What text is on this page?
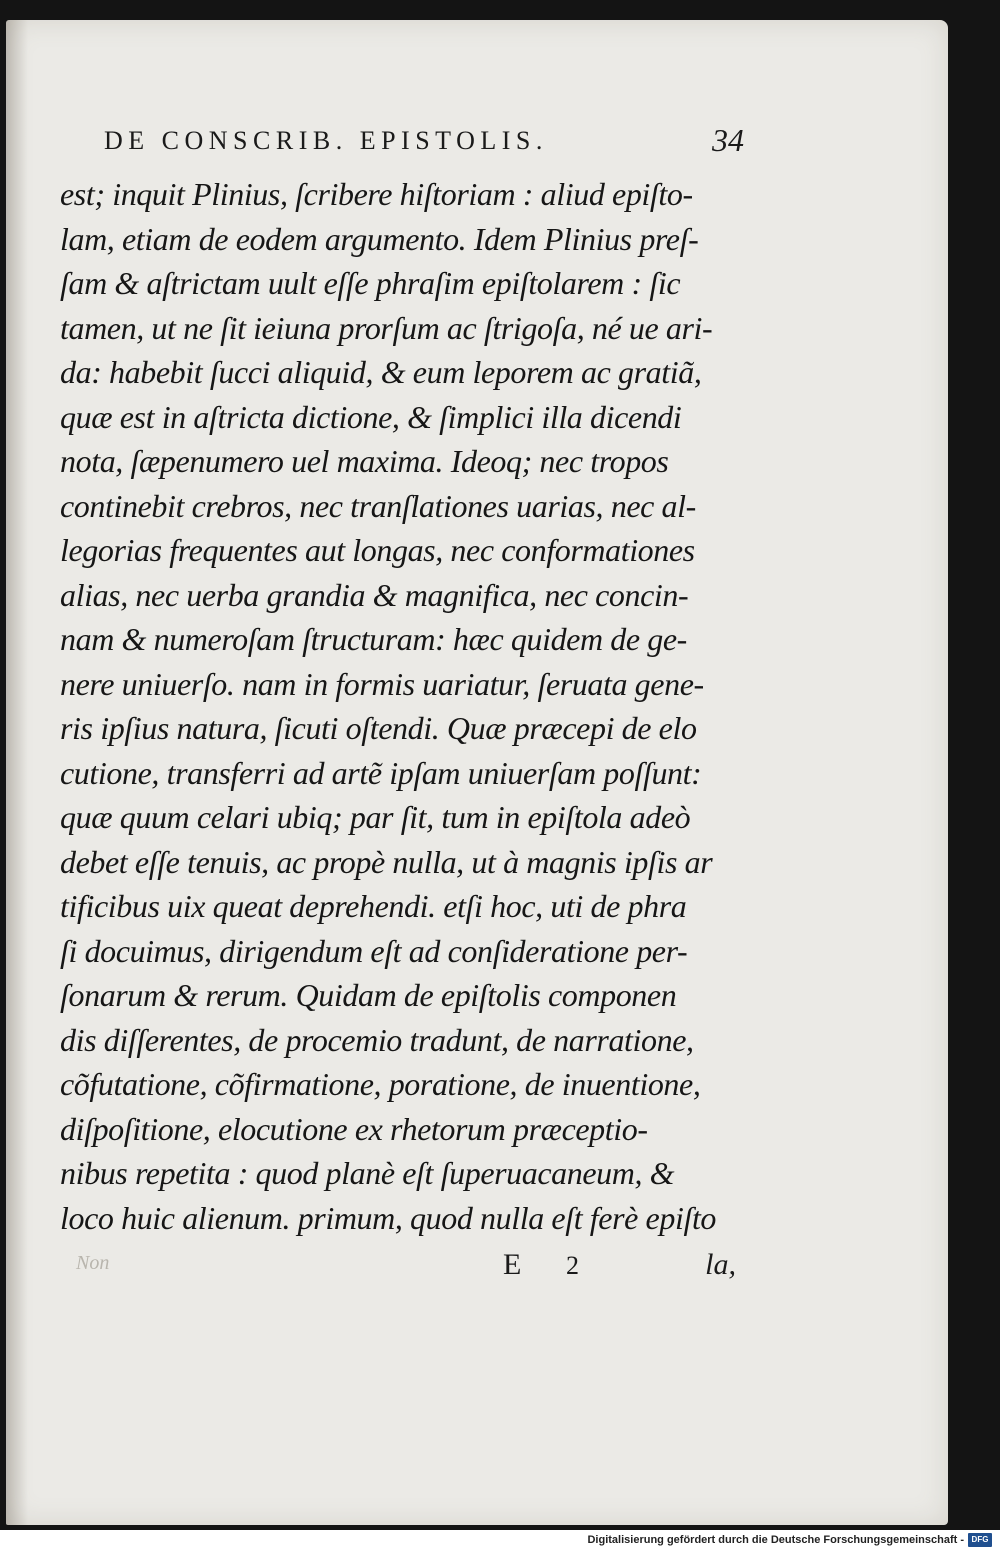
DE CONSCRIB. EPISTOLIS.	34
est; inquit Plinius, ſcribere hiſtoriam : aliud epiſto-
lam, etiam de eodem argumento. Idem Plinius preſ-
ſam & aſtrictam uult eſſe phraſim epiſtolarem : ſic
tamen, ut ne ſit ieiuna prorſum ac ſtrigoſa, né ue ari-
da: habebit ſucci aliquid, & eum leporem ac gratiã,
quæ est in aſtricta dictione, & ſimplici illa dicendi
nota, ſæpenumero uel maxima. Ideoq; nec tropos
continebit crebros, nec tranſlationes uarias, nec al-
legorias frequentes aut longas, nec conformationes
alias, nec uerba grandia & magnifica, nec concin-
nam & numeroſam ſtructuram: hæc quidem de ge-
nere uniuerſo. nam in formis uariatur, ſeruata gene-
ris ipſius natura, ſicuti oſtendi. Quæ præcepi de elo
cutione, transferri ad artẽ ipſam uniuerſam poſſunt:
quæ quum celari ubiq; par ſit, tum in epiſtola adeò
debet eſſe tenuis, ac propè nulla, ut à magnis ipſis ar
tificibus uix queat deprehendi. etſi hoc, uti de phra
ſi docuimus, dirigendum eſt ad conſideratione per-
ſonarum & rerum. Quidam de epiſtolis componen
dis diſſerentes, de procemio tradunt, de narratione,
cõfutatione, cõfirmatione, poratione, de inuentione,
diſpoſitione, elocutione ex rhetorum præceptio-
nibus repetita : quod planè eſt ſuperuacaneum, &
loco huic alienum. primum, quod nulla eſt ferè epiſto
Non	E 2	la,
Digitalisierung gefördert durch die Deutsche Forschungsgemeinschaft - DFG
